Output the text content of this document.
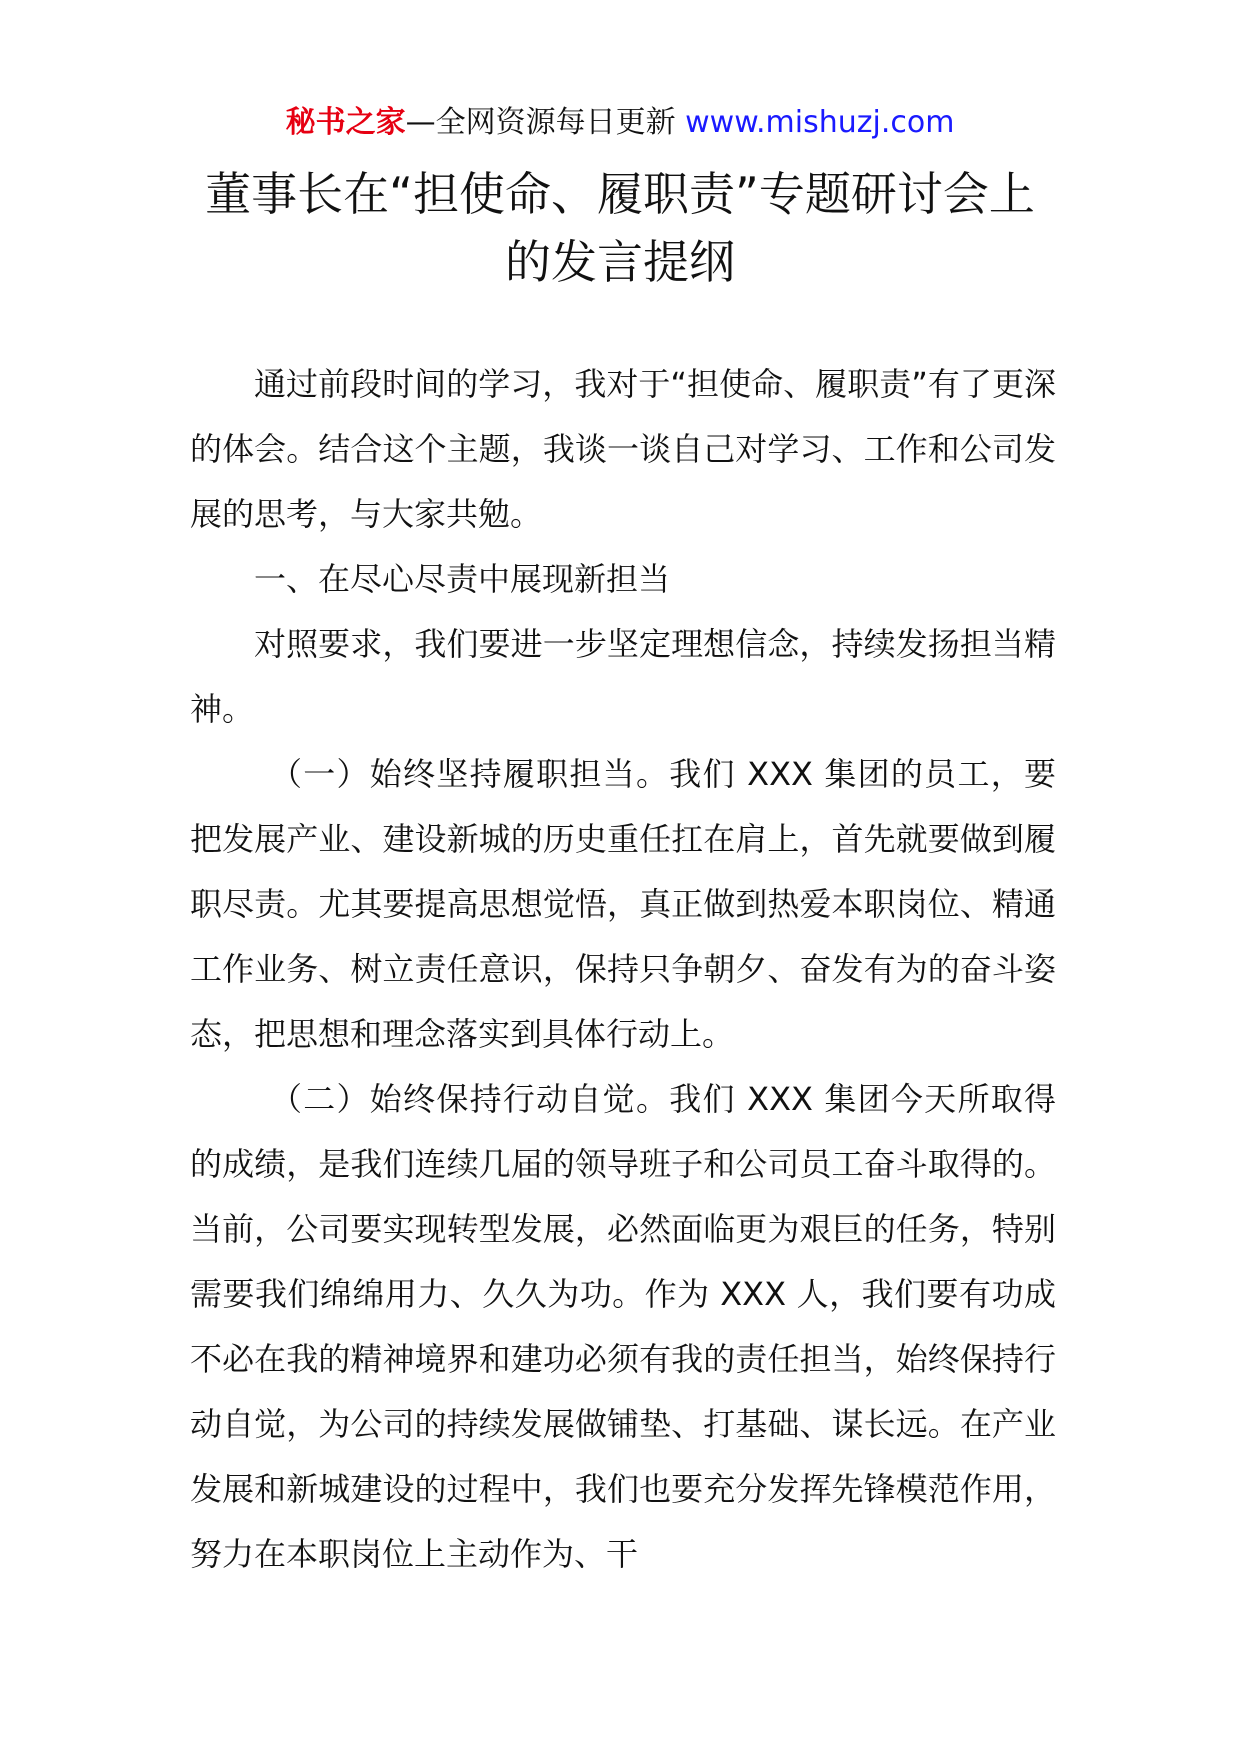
秘书之家—全网资源每日更新 www.mishuzj.com
董事长在“担使命、履职责”专题研讨会上的发言提纲

通过前段时间的学习，我对于“担使命、履职责”有了更深的体会。结合这个主题，我谈一谈自己对学习、工作和公司发展的思考，与大家共勉。

一、在尽心尽责中展现新担当

对照要求，我们要进一步坚定理想信念，持续发扬担当精神。

（一）始终坚持履职担当。我们 XXX 集团的员工，要把发展产业、建设新城的历史重任扛在肩上，首先就要做到履职尽责。尤其要提高思想觉悟，真正做到热爱本职岗位、精通工作业务、树立责任意识，保持只争朝夕、奋发有为的奋斗姿态，把思想和理念落实到具体行动上。

（二）始终保持行动自觉。我们 XXX 集团今天所取得的成绩，是我们连续几届的领导班子和公司员工奋斗取得的。当前，公司要实现转型发展，必然面临更为艰巨的任务，特别需要我们绵绵用力、久久为功。作为 XXX 人，我们要有功成不必在我的精神境界和建功必须有我的责任担当，始终保持行动自觉，为公司的持续发展做铺垫、打基础、谋长远。在产业发展和新城建设的过程中，我们也要充分发挥先锋模范作用，努力在本职岗位上主动作为、干
